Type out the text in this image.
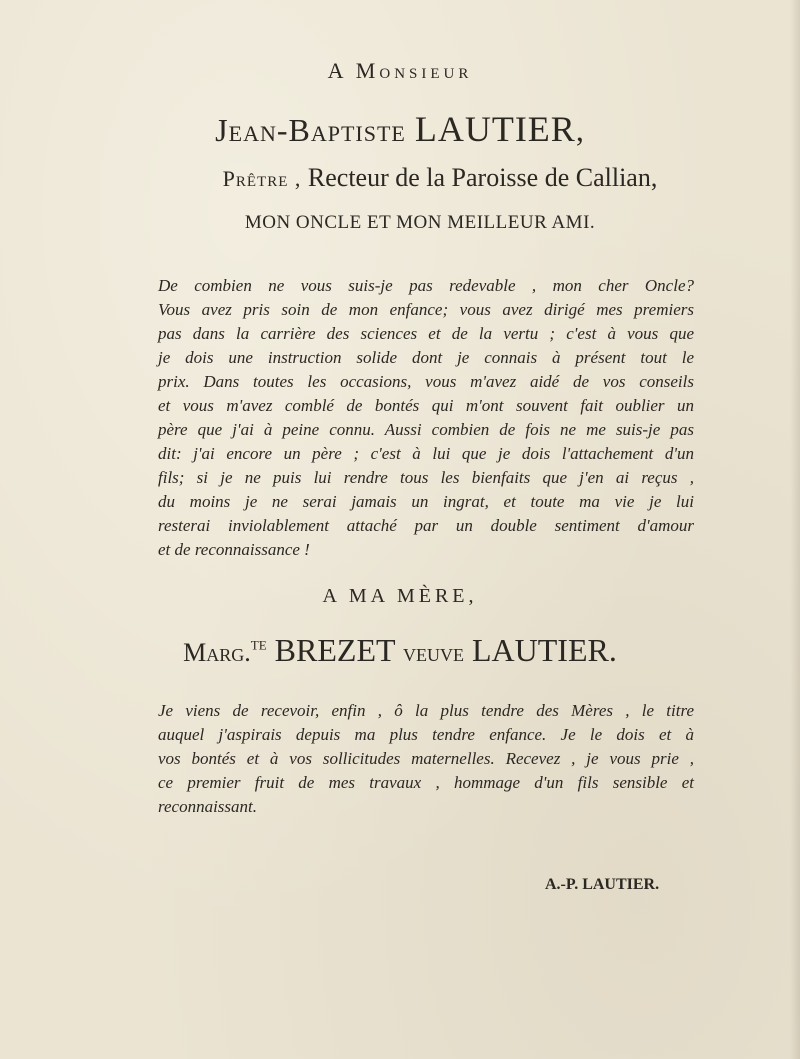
A Monsieur
Jean-Baptiste LAUTIER,
Prêtre , Recteur de la Paroisse de Callian,
MON ONCLE ET MON MEILLEUR AMI.
De combien ne vous suis-je pas redevable , mon cher Oncle?
Vous avez pris soin de mon enfance; vous avez dirigé mes premiers
pas dans la carrière des sciences et de la vertu ; c'est à vous que
je dois une instruction solide dont je connais à présent tout le
prix. Dans toutes les occasions, vous m'avez aidé de vos conseils
et vous m'avez comblé de bontés qui m'ont souvent fait oublier un
père que j'ai à peine connu. Aussi combien de fois ne me suis-je pas
dit: j'ai encore un père ; c'est à lui que je dois l'attachement d'un
fils; si je ne puis lui rendre tous les bienfaits que j'en ai reçus ,
du moins je ne serai jamais un ingrat, et toute ma vie je lui
resterai inviolablement attaché par un double sentiment d'amour
et de reconnaissance !
A MA MÈRE,
Marg.$^{TE}$ BREZET veuve LAUTIER.
Je viens de recevoir, enfin , ô la plus tendre des Mères , le titre
auquel j'aspirais depuis ma plus tendre enfance. Je le dois et à
vos bontés et à vos sollicitudes maternelles. Recevez , je vous prie ,
ce premier fruit de mes travaux , hommage d'un fils sensible et
reconnaissant.
A.-P. LAUTIER.
